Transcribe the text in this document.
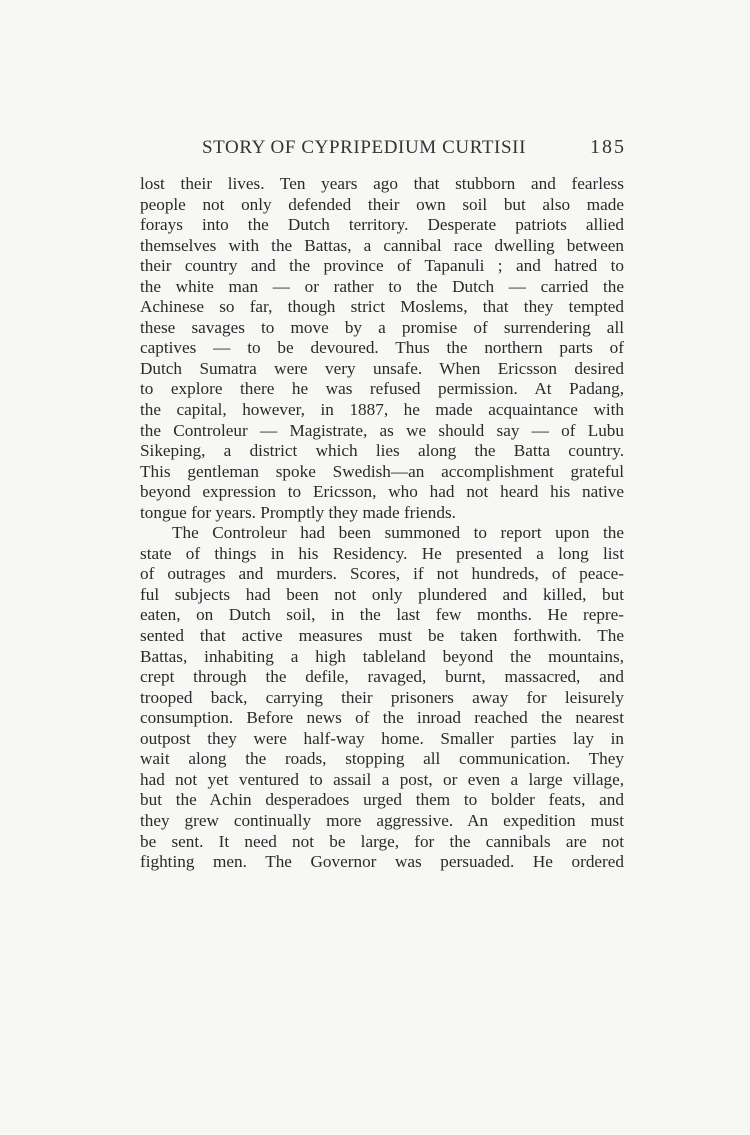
STORY OF CYPRIPEDIUM CURTISII	185
lost their lives. Ten years ago that stubborn and fearless
people not only defended their own soil but also made
forays into the Dutch territory. Desperate patriots allied
themselves with the Battas, a cannibal race dwelling between
their country and the province of Tapanuli ; and hatred to
the white man — or rather to the Dutch — carried the
Achinese so far, though strict Moslems, that they tempted
these savages to move by a promise of surrendering all
captives — to be devoured. Thus the northern parts of
Dutch Sumatra were very unsafe. When Ericsson desired
to explore there he was refused permission. At Padang,
the capital, however, in 1887, he made acquaintance with
the Controleur — Magistrate, as we should say — of Lubu
Sikeping, a district which lies along the Batta country.
This gentleman spoke Swedish—an accomplishment grateful
beyond expression to Ericsson, who had not heard his native
tongue for years. Promptly they made friends.
The Controleur had been summoned to report upon the
state of things in his Residency. He presented a long list
of outrages and murders. Scores, if not hundreds, of peace-
ful subjects had been not only plundered and killed, but
eaten, on Dutch soil, in the last few months. He repre-
sented that active measures must be taken forthwith. The
Battas, inhabiting a high tableland beyond the mountains,
crept through the defile, ravaged, burnt, massacred, and
trooped back, carrying their prisoners away for leisurely
consumption. Before news of the inroad reached the nearest
outpost they were half-way home. Smaller parties lay in
wait along the roads, stopping all communication. They
had not yet ventured to assail a post, or even a large village,
but the Achin desperadoes urged them to bolder feats, and
they grew continually more aggressive. An expedition must
be sent. It need not be large, for the cannibals are not
fighting men. The Governor was persuaded. He ordered
